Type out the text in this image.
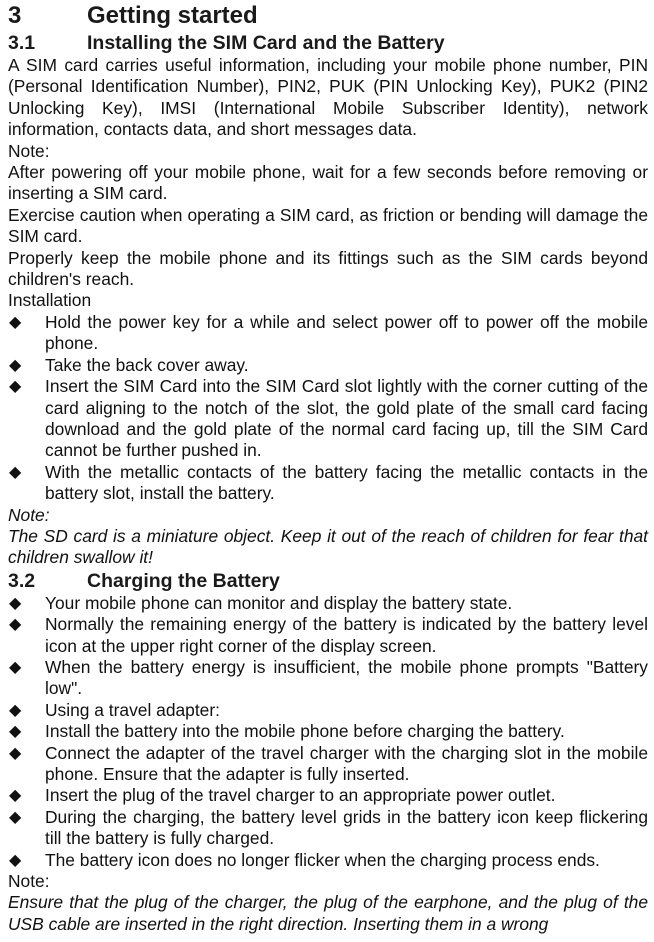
3	Getting started
3.1	Installing the SIM Card and the Battery

A SIM card carries useful information, including your mobile phone number, PIN (Personal Identification Number), PIN2, PUK (PIN Unlocking Key), PUK2 (PIN2 Unlocking Key), IMSI (International Mobile Subscriber Identity), network information, contacts data, and short messages data.

Note:

After powering off your mobile phone, wait for a few seconds before removing or inserting a SIM card.

Exercise caution when operating a SIM card, as friction or bending will damage the SIM card.

Properly keep the mobile phone and its fittings such as the SIM cards beyond children's reach.

Installation

◆ Hold the power key for a while and select power off to power off the mobile phone.
◆ Take the back cover away.
◆ Insert the SIM Card into the SIM Card slot lightly with the corner cutting of the card aligning to the notch of the slot, the gold plate of the small card facing download and the gold plate of the normal card facing up, till the SIM Card cannot be further pushed in.
◆ With the metallic contacts of the battery facing the metallic contacts in the battery slot, install the battery.

Note:

The SD card is a miniature object. Keep it out of the reach of children for fear that children swallow it!

3.2	Charging the Battery
◆ Your mobile phone can monitor and display the battery state.
◆ Normally the remaining energy of the battery is indicated by the battery level icon at the upper right corner of the display screen.
◆ When the battery energy is insufficient, the mobile phone prompts "Battery low".
◆ Using a travel adapter:
◆ Install the battery into the mobile phone before charging the battery.
◆ Connect the adapter of the travel charger with the charging slot in the mobile phone. Ensure that the adapter is fully inserted.
◆ Insert the plug of the travel charger to an appropriate power outlet.
◆ During the charging, the battery level grids in the battery icon keep flickering till the battery is fully charged.
◆ The battery icon does no longer flicker when the charging process ends.

Note:

Ensure that the plug of the charger, the plug of the earphone, and the plug of the USB cable are inserted in the right direction. Inserting them in a wrong
